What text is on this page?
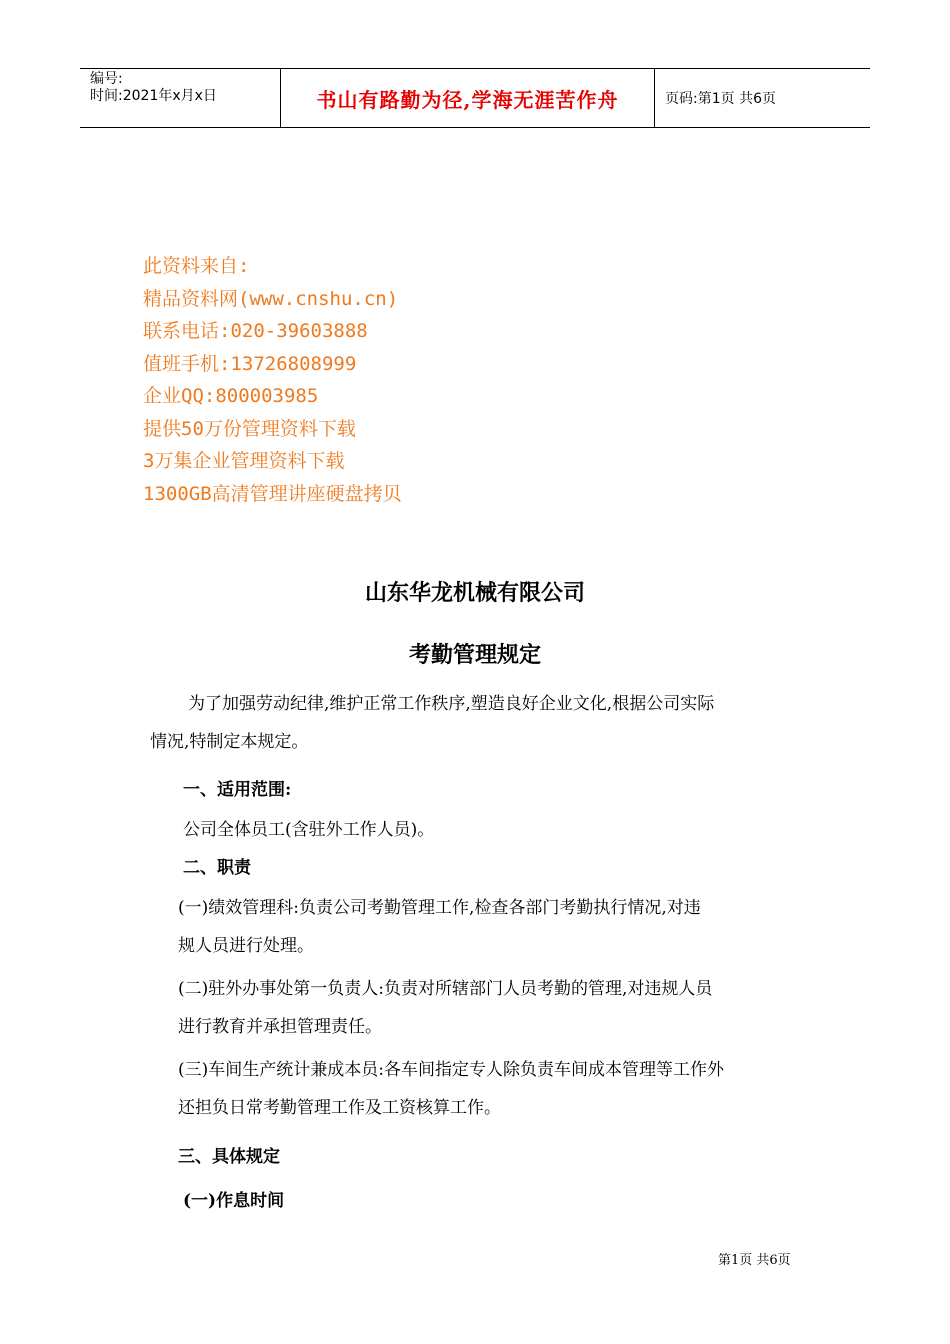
编号:
时间:2021年x月x日	书山有路勤为径,学海无涯苦作舟	页码:第1页 共6页
此资料来自:
精品资料网(www.cnshu.cn)
联系电话:020-39603888
值班手机:13726808999
企业QQ:800003985
提供50万份管理资料下载
3万集企业管理资料下载
1300GB高清管理讲座硬盘拷贝
山东华龙机械有限公司
考勤管理规定
为了加强劳动纪律,维护正常工作秩序,塑造良好企业文化,根据公司实际
情况,特制定本规定。
一、适用范围:
公司全体员工(含驻外工作人员)。
二、职责
(一)绩效管理科:负责公司考勤管理工作,检查各部门考勤执行情况,对违
规人员进行处理。
(二)驻外办事处第一负责人:负责对所辖部门人员考勤的管理,对违规人员
进行教育并承担管理责任。
(三)车间生产统计兼成本员:各车间指定专人除负责车间成本管理等工作外
还担负日常考勤管理工作及工资核算工作。
三、具体规定
(一)作息时间
第1页 共6页
